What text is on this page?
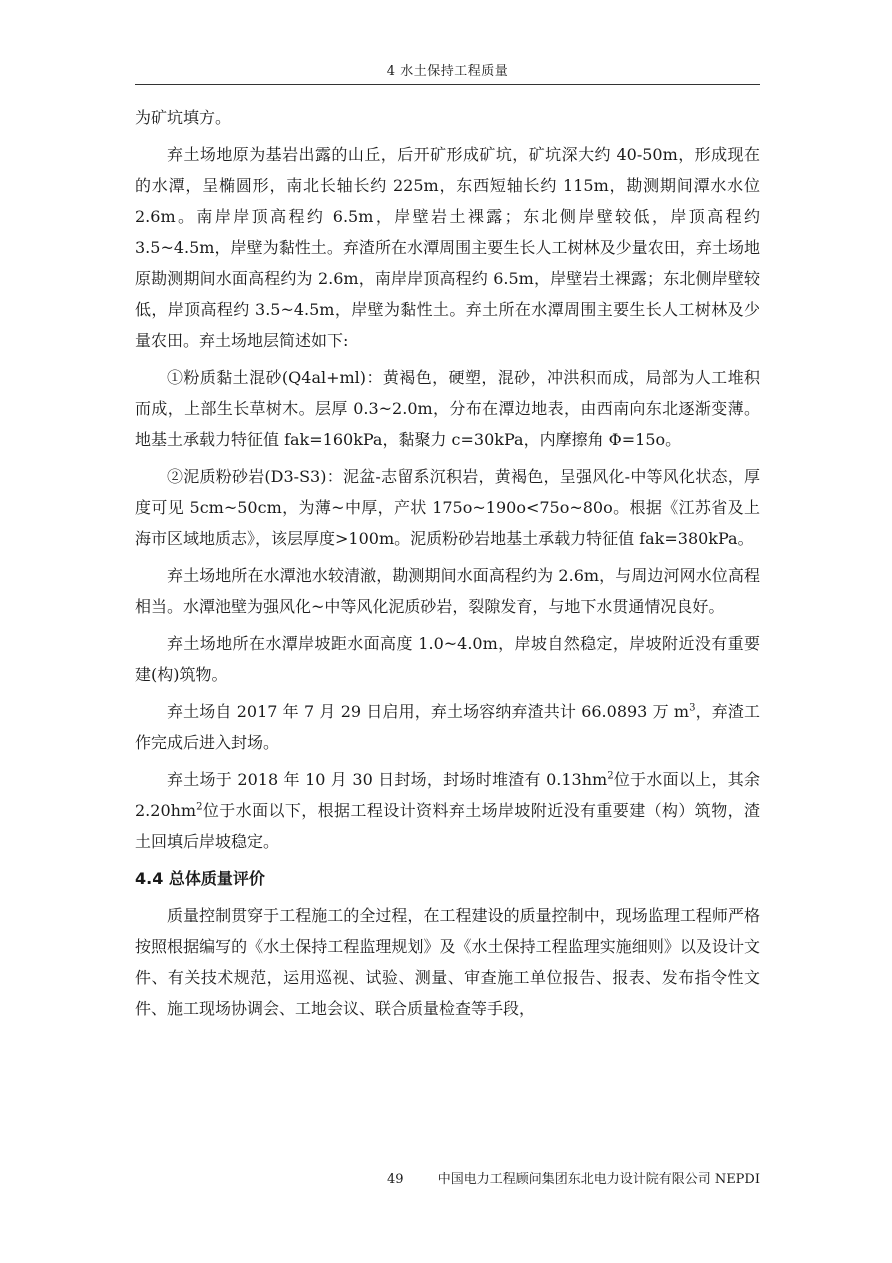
4 水土保持工程质量

为矿坑填方。

弃土场地原为基岩出露的山丘，后开矿形成矿坑，矿坑深大约 40-50m，形成现在的水潭，呈椭圆形，南北长轴长约 225m，东西短轴长约 115m，勘测期间潭水水位 2.6m。南岸岸顶高程约 6.5m，岸壁岩土裸露；东北侧岸壁较低，岸顶高程约 3.5~4.5m，岸壁为黏性土。弃渣所在水潭周围主要生长人工树林及少量农田，弃土场地原勘测期间水面高程约为 2.6m，南岸岸顶高程约 6.5m，岸壁岩土裸露；东北侧岸壁较低，岸顶高程约 3.5~4.5m，岸壁为黏性土。弃土所在水潭周围主要生长人工树林及少量农田。弃土场地层简述如下:

①粉质黏土混砂(Q4al+ml)：黄褐色，硬塑，混砂，冲洪积而成，局部为人工堆积而成，上部生长草树木。层厚 0.3~2.0m，分布在潭边地表，由西南向东北逐渐变薄。地基土承载力特征值 fak=160kPa，黏聚力 c=30kPa，内摩擦角 Φ=15o。

②泥质粉砂岩(D3-S3)：泥盆-志留系沉积岩，黄褐色，呈强风化-中等风化状态，厚度可见 5cm~50cm，为薄~中厚，产状 175o~190o<75o~80o。根据《江苏省及上海市区域地质志》，该层厚度>100m。泥质粉砂岩地基土承载力特征值 fak=380kPa。

弃土场地所在水潭池水较清澈，勘测期间水面高程约为 2.6m，与周边河网水位高程相当。水潭池壁为强风化~中等风化泥质砂岩，裂隙发育，与地下水贯通情况良好。

弃土场地所在水潭岸坡距水面高度 1.0~4.0m，岸坡自然稳定，岸坡附近没有重要建(构)筑物。

弃土场自 2017 年 7 月 29 日启用，弃土场容纳弃渣共计 66.0893 万 $m^3$，弃渣工作完成后进入封场。

弃土场于 2018 年 10 月 30 日封场，封场时堆渣有 $0.13hm^2$位于水面以上，其余 $2.20hm^2$位于水面以下，根据工程设计资料弃土场岸坡附近没有重要建（构）筑物，渣土回填后岸坡稳定。

4.4 总体质量评价

质量控制贯穿于工程施工的全过程，在工程建设的质量控制中，现场监理工程师严格按照根据编写的《水土保持工程监理规划》及《水土保持工程监理实施细则》以及设计文件、有关技术规范，运用巡视、试验、测量、审查施工单位报告、报表、发布指令性文件、施工现场协调会、工地会议、联合质量检查等手段，

49	中国电力工程顾问集团东北电力设计院有限公司 NEPDI
